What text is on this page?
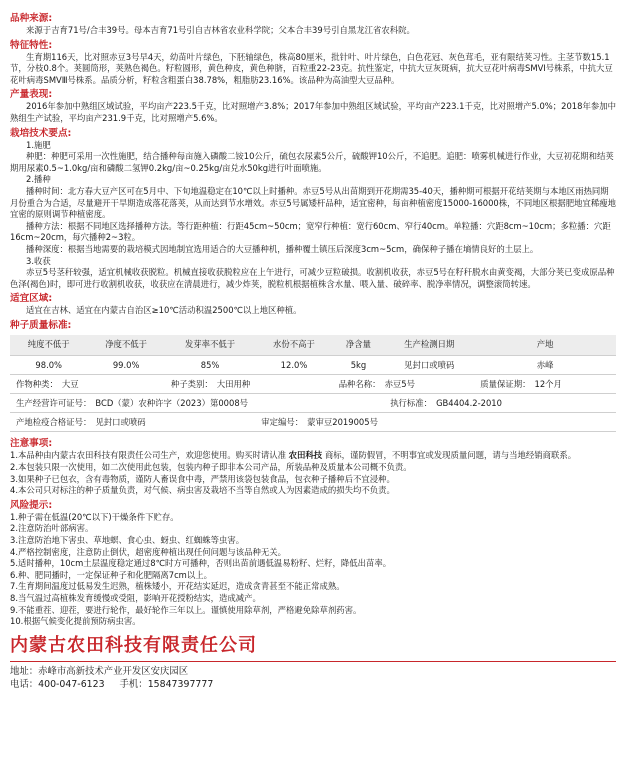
品种来源:
来源于吉育71号/合丰39号。母本吉育71号引自吉林省农业科学院；父本合丰39号引自黑龙江省农科院。
特征特性:
生育期116天，比对照赤豆3号早4天，幼苗叶片绿色，下胚轴绿色，株高80厘米，批针叶、叶片绿色，白色花冠、灰色茸毛，亚有限结荚习性。主茎节数15.1节，分枝0.8个。荚圆筒形，荚熟色褐色。籽粒圆形，黄色种皮，黄色种脐，百粒重22-23克。抗性鉴定，中抗大豆灰斑病，抗大豆花叶病毒SMVⅠ号株系，中抗大豆花叶病毒SMVⅢ号株系。品质分析，籽粒含粗蛋白38.78%，粗脂肪23.16%。该品种为高油型大豆品种。
产量表现:
2016年参加中熟组区域试验，平均亩产223.5千克，比对照增产3.8%；2017年参加中熟组区域试验，平均亩产223.1千克，比对照增产5.0%；2018年参加中熟组生产试验，平均亩产231.9千克，比对照增产5.6%。
栽培技术要点:
1.施肥
种肥：种肥可采用一次性施肥，结合播种每亩施入磷酸二铵10公斤，硫包衣尿素5公斤，硫酸钾10公斤，不追肥。追肥：喷雾机械进行作业，大豆初花期和结荚期用尿素0.5~1.0kg/亩和磷酸二氢钾0.2kg/亩~0.25kg/亩兑水50kg进行叶面喷施。
2.播种
播种时间：北方春大豆产区可在5月中、下旬地温稳定在10℃以上时播种。赤豆5号从出苗期到开花期需35-40天，播种期可根据开花结荚期与本地区雨热同期月份重合为合适，尽量避开干旱期造成落花落荚，从而达到节水增效。赤豆5号属矮杆品种，适宜密种，每亩种植密度15000-16000株，不同地区根据肥地宜稀瘦地宜密的原则调节种植密度。
播种方法：根据不同地区选择播种方法。等行距种植：行距45cm~50cm；宽窄行种植：宽行60cm、窄行40cm。单粒播：穴距8cm~10cm；多粒播：穴距16cm~20cm，每穴播种2~3粒。
播种深度：根据当地需要的栽培模式因地制宜选用适合的大豆播种机，播种覆土镇压后深度3cm~5cm，确保种子播在墒情良好的土层上。
3.收获
赤豆5号茎秆较强，适宜机械收获脱粒。机械直接收获脱粒应在上午进行，可减少豆粒破损。收割机收获，赤豆5号在籽秆脱水由黄变褐，大部分荚已变成原品种色泽(褐色)时，即可进行收割机收获，收获应在清晨进行，减少炸荚，脱粒机根据植株含水量、喂入量、破碎率、脱净率情况，调整滚筒转速。
适宜区域:
适宜在吉林、适宜在内蒙古自治区≥10℃活动积温2500℃以上地区种植。
种子质量标准:
纯度不低于	净度不低于	发芽率不低于	水份不高于	净含量	生产检测日期	产地
98.0%	99.0%	85%	12.0%	5kg	见封口或喷码	赤峰
作物种类： 大豆		种子类别： 大田用种		品种名称： 赤豆5号		质量保证期： 12个月
生产经营许可证号： BCD（蒙）农种许字（2023）第0008号					执行标准： GB4404.2-2010	
产地检疫合格证号： 见封口或喷码			审定编号： 蒙审豆2019005号			
注意事项:
1.本品种由内蒙古农田科技有限责任公司生产，欢迎您使用。购买时请认准 农田科技 商标，谨防假冒，不明事宜或发现质量问题，请与当地经销商联系。
2.本包装只限一次使用，如二次使用此包装，包装内种子即非本公司产品，所装品种及质量本公司概不负责。
3.如果种子已包衣，含有毒物质，谨防人畜误食中毒，严禁用该袋包装食品，包衣种子播种后不宜浸种。
4.本公司只对标注的种子质量负责，对气候、病虫害及栽培不当等自然或人为因素造成的损失均不负责。
风险提示:
1.种子需在低温(20℃以下)干燥条件下贮存。
2.注意防治叶部病害。
3.注意防治地下害虫、草地螟、食心虫、蚜虫、红蜘蛛等虫害。
4.严格控制密度，注意防止倒伏，超密度种植出现任何问题与该品种无关。
5.适时播种，10cm土层温度稳定通过8℃时方可播种，否则出苗前遇低温易粉籽、烂籽，降低出苗率。
6.种、肥同播时，一定保证种子和化肥隔离7cm以上。
7.生育期间温度过低易发生迟熟，植株矮小，开花结实延迟，造成贪青甚至不能正常成熟。
8.当气温过高植株发育缓慢或受阻，影响开花授粉结实，造成减产。
9.不能重茬、迎茬，要进行轮作，最好轮作三年以上。谨慎使用除草剂，严格避免除草剂药害。
10.根据气候变化提前预防病虫害。
内蒙古农田科技有限责任公司
地址：赤峰市高新技术产业开发区安庆园区
电话：400-047-6123 手机：15847397777
